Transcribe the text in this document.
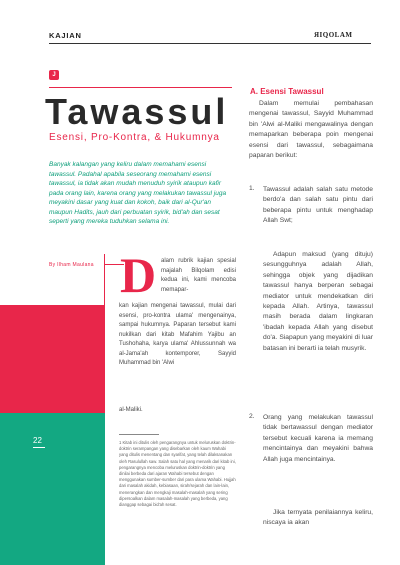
KAJIAN	ЯIQOLAM
J
Tawassul
Esensi, Pro-Kontra, & Hukumnya
Banyak kalangan yang keliru dalam memahami esensi tawassul. Padahal apabila seseorang memahami esensi tawassul, ia tidak akan mudah menuduh syirik ataupun kafir pada orang lain, karena orang yang melakukan tawassul juga meyakini dasar yang kuat dan kokoh, baik dari al-Qur'an maupun Hadits, jauh dari perbuatan syirik, bid'ah dan sesat seperti yang mereka tuduhkan selama ini.
By Ilham Maulana
22
D alam rubrik kajian spesial majalah Bilqolam edisi kedua ini, kami mencoba memapar-
kan kajian mengenai tawassul, mulai dari esensi, pro-kontra ulama' mengenainya, sampai hukumnya. Paparan tersebut kami nukilkan dari kitab Mafahim Yajibu an Tushohaha, karya ulama' Ahlussunnah wa al-Jama'ah kontemporer, Sayyid Muhammad bin 'Alwi
al-Maliki.
1 Kitab ini ditulis oleh pengarangnya untuk meluruskan doktrin-doktrin serampangan yang disebarkan oleh kaum Wahabi yang ditulis menentang dan syarifat, yang telah dilaksanakan oleh Rasulullah saw. Salah satu hal yang menarik dari kitab ini, pengarangnya mencoba meluruskan doktrin-doktrin yang dinilai berbeda dari ajaran Wahabi tersebut dengan menggunakan sumber-sumber dari para ulama Wahabi. Hujjah dari masalah akidah, kebiasaan, sirah/sejarah dan lain-lain, menerangkan dan mengkaji masalah-masalah yang sering dipersoalkan dalam masalah-masalah yang berbeda, yang dianggap sebagai bid'ah sesat.
A. Esensi Tawassul
Dalam memulai pembahasan mengenai tawassul, Sayyid Muhammad bin 'Alwi al-Maliki mengawalinya dengan memaparkan beberapa poin mengenai esensi dari tawassul, sebagaimana paparan berikut:
1. Tawassul adalah salah satu metode berdo'a dan salah satu pintu dari beberapa pintu untuk menghadap Allah Swt;
Adapun maksud (yang dituju) sesungguhnya adalah Allah, sehingga objek yang dijadikan tawassul hanya berperan sebagai mediator untuk mendekatkan diri kepada Allah. Artinya, tawassul masih berada dalam lingkaran 'ibadah kepada Allah yang disebut do'a. Siapapun yang meyakini di luar batasan ini berarti ia telah musyrik.
2. Orang yang melakukan tawassul tidak bertawassul dengan mediator tersebut kecuali karena ia memang mencintainya dan meyakini bahwa Allah juga mencintainya.
Jika ternyata penilaiannya keliru, niscaya ia akan
